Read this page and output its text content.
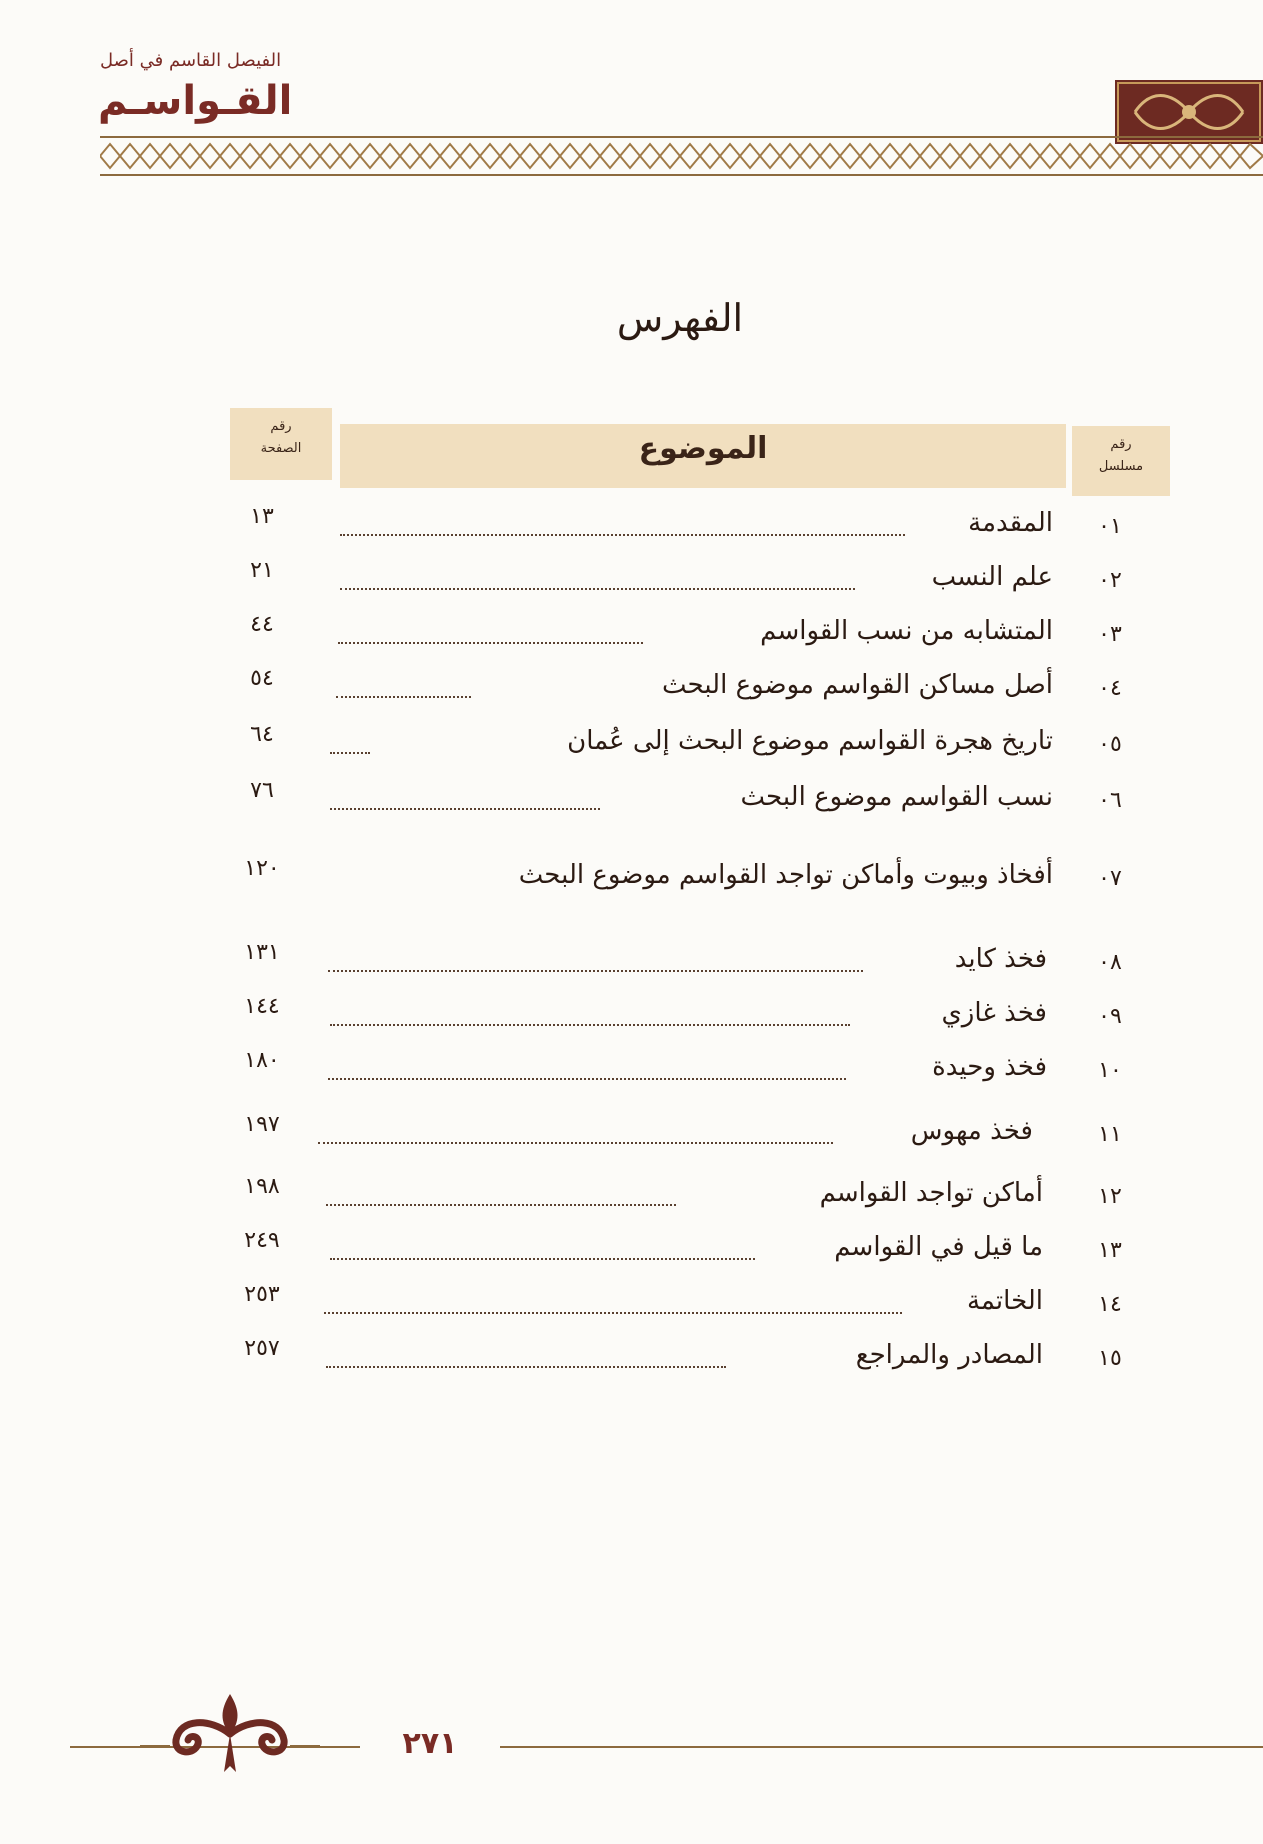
الفيصل القاسم في أصل
القـواسـم
الفهرس
رقم
مسلسل
الموضوع
رقم
الصفحة
٠١
المقدمة
١٣
٠٢
علم النسب
٢١
٠٣
المتشابه من نسب القواسم
٤٤
٠٤
أصل مساكن القواسم موضوع البحث
٥٤
٠٥
تاريخ هجرة القواسم موضوع البحث إلى عُمان
٦٤
٠٦
نسب القواسم موضوع البحث
٧٦
٠٧
أفخاذ وبيوت وأماكن تواجد القواسم موضوع البحث
١٢٠
٠٨
فخذ كايد
١٣١
٠٩
فخذ غازي
١٤٤
١٠
فخذ وحيدة
١٨٠
١١
فخذ مهوس
١٩٧
١٢
أماكن تواجد القواسم
١٩٨
١٣
ما قيل في القواسم
٢٤٩
١٤
الخاتمة
٢٥٣
١٥
المصادر والمراجع
٢٥٧
٢٧١
